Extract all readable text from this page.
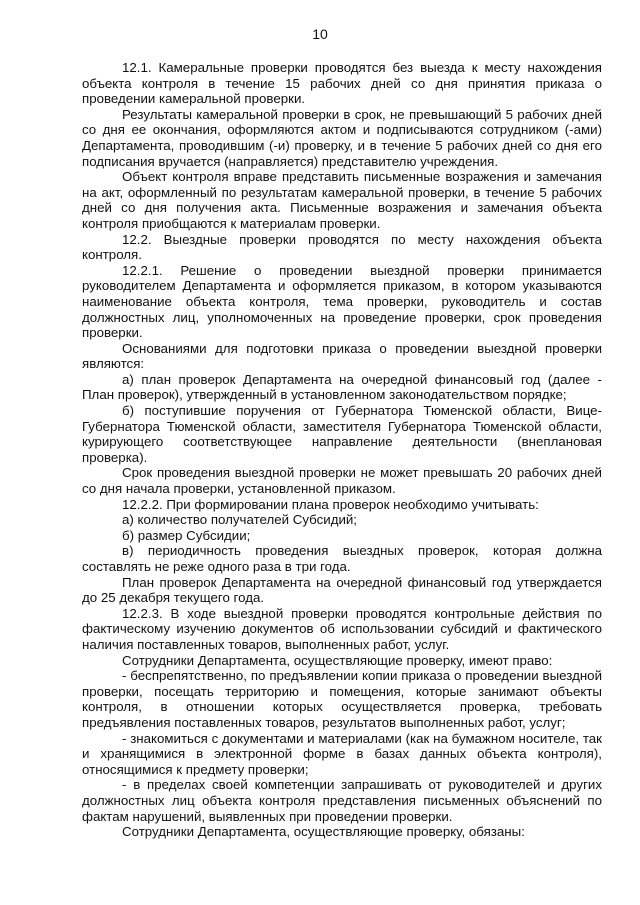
10

12.1. Камеральные проверки проводятся без выезда к месту нахождения объекта контроля в течение 15 рабочих дней со дня принятия приказа о проведении камеральной проверки.

Результаты камеральной проверки в срок, не превышающий 5 рабочих дней со дня ее окончания, оформляются актом и подписываются сотрудником (-ами) Департамента, проводившим (-и) проверку, и в течение 5 рабочих дней со дня его подписания вручается (направляется) представителю учреждения.

Объект контроля вправе представить письменные возражения и замечания на акт, оформленный по результатам камеральной проверки, в течение 5 рабочих дней со дня получения акта. Письменные возражения и замечания объекта контроля приобщаются к материалам проверки.

12.2. Выездные проверки проводятся по месту нахождения объекта контроля.

12.2.1. Решение о проведении выездной проверки принимается руководителем Департамента и оформляется приказом, в котором указываются наименование объекта контроля, тема проверки, руководитель и состав должностных лиц, уполномоченных на проведение проверки, срок проведения проверки.

Основаниями для подготовки приказа о проведении выездной проверки являются:

а) план проверок Департамента на очередной финансовый год (далее - План проверок), утвержденный в установленном законодательством порядке;

б) поступившие поручения от Губернатора Тюменской области, Вице-Губернатора Тюменской области, заместителя Губернатора Тюменской области, курирующего соответствующее направление деятельности (внеплановая проверка).

Срок проведения выездной проверки не может превышать 20 рабочих дней со дня начала проверки, установленной приказом.

12.2.2. При формировании плана проверок необходимо учитывать:

а) количество получателей Субсидий;

б) размер Субсидии;

в) периодичность проведения выездных проверок, которая должна составлять не реже одного раза в три года.

План проверок Департамента на очередной финансовый год утверждается до 25 декабря текущего года.

12.2.3. В ходе выездной проверки проводятся контрольные действия по фактическому изучению документов об использовании субсидий и фактического наличия поставленных товаров, выполненных работ, услуг.

Сотрудники Департамента, осуществляющие проверку, имеют право:

- беспрепятственно, по предъявлении копии приказа о проведении выездной проверки, посещать территорию и помещения, которые занимают объекты контроля, в отношении которых осуществляется проверка, требовать предъявления поставленных товаров, результатов выполненных работ, услуг;

- знакомиться с документами и материалами (как на бумажном носителе, так и хранящимися в электронной форме в базах данных объекта контроля), относящимися к предмету проверки;

- в пределах своей компетенции запрашивать от руководителей и других должностных лиц объекта контроля представления письменных объяснений по фактам нарушений, выявленных при проведении проверки.

Сотрудники Департамента, осуществляющие проверку, обязаны:
